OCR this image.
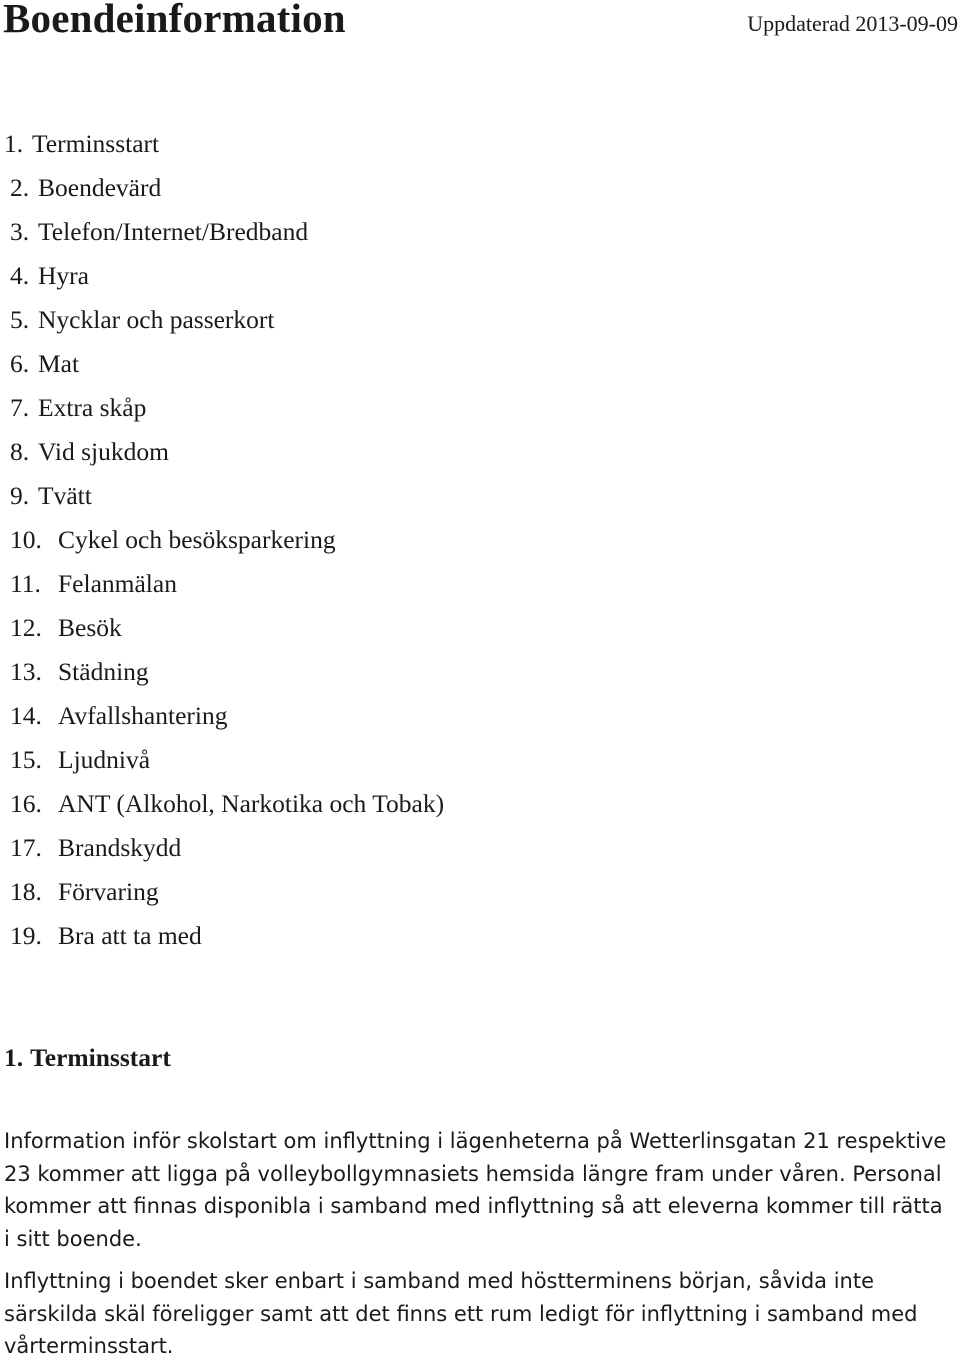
Boendeinformation	Uppdaterad 2013-09-09
1. Terminsstart
2. Boendevärd
3. Telefon/Internet/Bredband
4. Hyra
5. Nycklar och passerkort
6. Mat
7. Extra skåp
8. Vid sjukdom
9. Tvätt
10. Cykel och besöksparkering
11. Felanmälan
12. Besök
13. Städning
14. Avfallshantering
15. Ljudnivå
16. ANT (Alkohol, Narkotika och Tobak)
17. Brandskydd
18. Förvaring
19. Bra att ta med
1. Terminsstart

Information inför skolstart om inflyttning i lägenheterna på Wetterlinsgatan 21 respektive 23 kommer att ligga på volleybollgymnasiets hemsida längre fram under våren. Personal kommer att finnas disponibla i samband med inflyttning så att eleverna kommer till rätta i sitt boende.

Inflyttning i boendet sker enbart i samband med höstterminens början, såvida inte särskilda skäl föreligger samt att det finns ett rum ledigt för inflyttning i samband med vårterminsstart.
